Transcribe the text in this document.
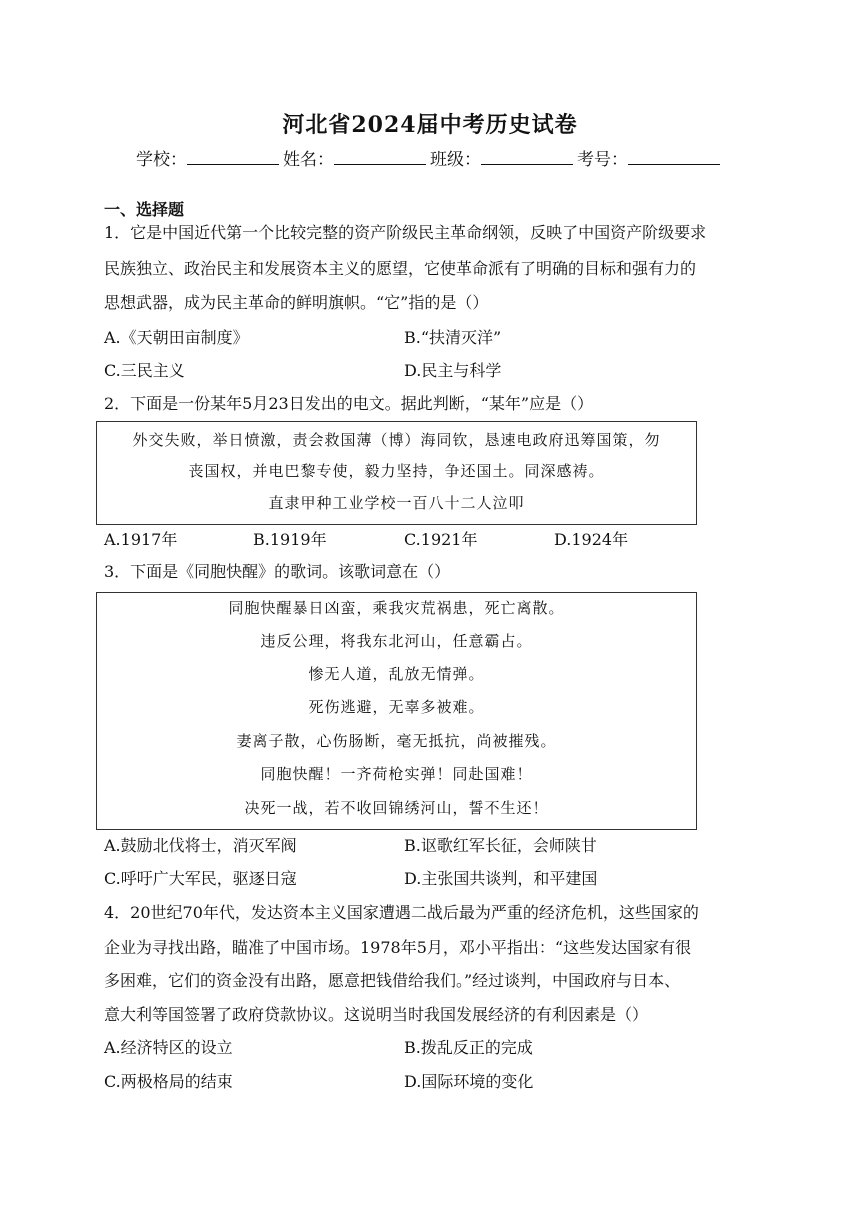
河北省2024届中考历史试卷
学校：	姓名：	班级：	考号：
一、选择题
1．它是中国近代第一个比较完整的资产阶级民主革命纲领，反映了中国资产阶级要求
民族独立、政治民主和发展资本主义的愿望，它使革命派有了明确的目标和强有力的
思想武器，成为民主革命的鲜明旗帜。“它”指的是（）
A.《天朝田亩制度》	B.“扶清灭洋”
C.三民主义	D.民主与科学
2．下面是一份某年5月23日发出的电文。据此判断，“某年”应是（）
外交失败，举日愤激，责会救国薄（博）海同钦，恳速电政府迅筹国策，勿
丧国权，并电巴黎专使，毅力坚持，争还国土。同深感祷。
直隶甲种工业学校一百八十二人泣叩
A.1917年	B.1919年	C.1921年	D.1924年
3．下面是《同胞快醒》的歌词。该歌词意在（）
同胞快醒暴日凶蛮，乘我灾荒祸患，死亡离散。
违反公理，将我东北河山，任意霸占。
惨无人道，乱放无情弹。
死伤逃避，无辜多被难。
妻离子散，心伤肠断，毫无抵抗，尚被摧残。
同胞快醒！一齐荷枪实弹！同赴国难！
决死一战，若不收回锦绣河山，誓不生还！
A.鼓励北伐将士，消灭军阀	B.讴歌红军长征，会师陕甘
C.呼吁广大军民，驱逐日寇	D.主张国共谈判，和平建国
4．20世纪70年代，发达资本主义国家遭遇二战后最为严重的经济危机，这些国家的
企业为寻找出路，瞄准了中国市场。1978年5月，邓小平指出：“这些发达国家有很
多困难，它们的资金没有出路，愿意把钱借给我们。”经过谈判，中国政府与日本、
意大利等国签署了政府贷款协议。这说明当时我国发展经济的有利因素是（）
A.经济特区的设立	B.拨乱反正的完成
C.两极格局的结束	D.国际环境的变化
